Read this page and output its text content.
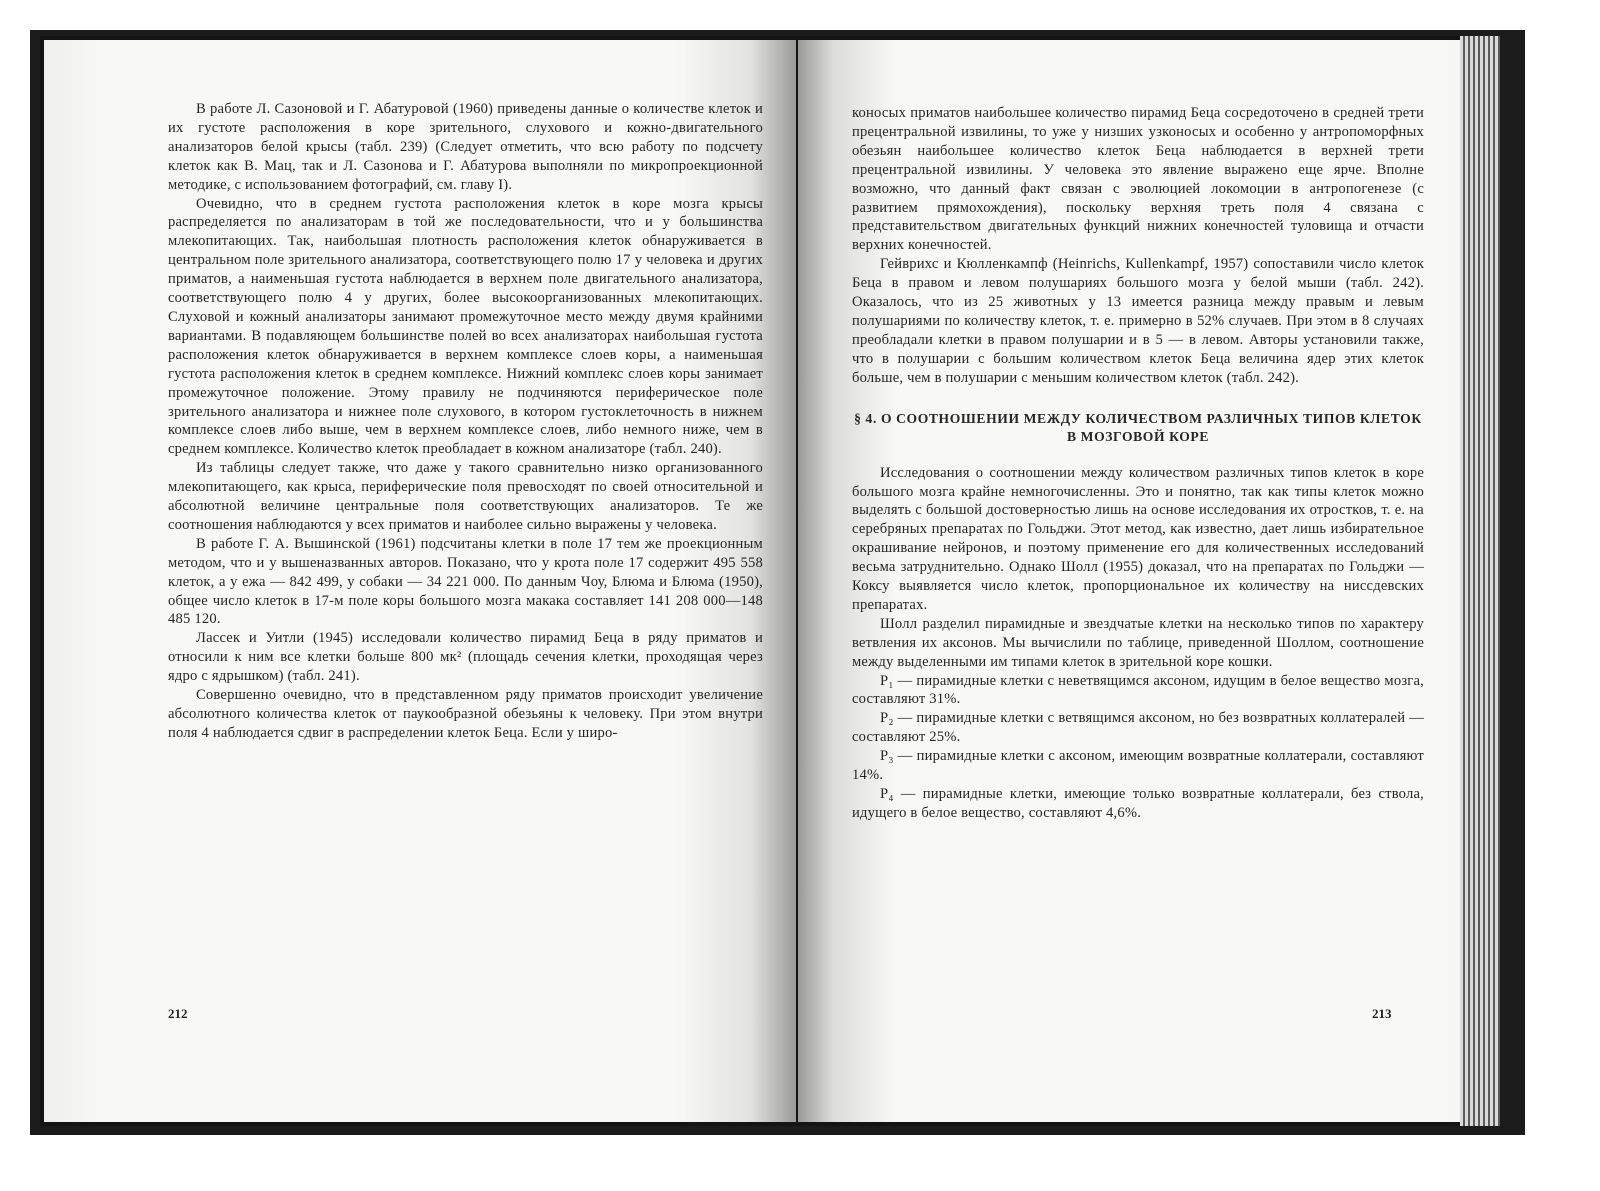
В работе Л. Сазоновой и Г. Абатуровой (1960) приведены данные о количестве клеток и их густоте расположения в коре зрительного, слухового и кожно-двигательного анализаторов белой крысы (табл. 239) (Следует отметить, что всю работу по подсчету клеток как В. Мац, так и Л. Сазонова и Г. Абатурова выполняли по микропроекционной методике, с использованием фотографий, см. главу I).

Очевидно, что в среднем густота расположения клеток в коре мозга крысы распределяется по анализаторам в той же последовательности, что и у большинства млекопитающих. Так, наибольшая плотность расположения клеток обнаруживается в центральном поле зрительного анализатора, соответствующего полю 17 у человека и других приматов, а наименьшая густота наблюдается в верхнем поле двигательного анализатора, соответствующего полю 4 у других, более высокоорганизованных млекопитающих. Слуховой и кожный анализаторы занимают промежуточное место между двумя крайними вариантами. В подавляющем большинстве полей во всех анализаторах наибольшая густота расположения клеток обнаруживается в верхнем комплексе слоев коры, а наименьшая густота расположения клеток в среднем комплексе. Нижний комплекс слоев коры занимает промежуточное положение. Этому правилу не подчиняются периферическое поле зрительного анализатора и нижнее поле слухового, в котором густоклеточность в нижнем комплексе слоев либо выше, чем в верхнем комплексе слоев, либо немного ниже, чем в среднем комплексе. Количество клеток преобладает в кожном анализаторе (табл. 240).

Из таблицы следует также, что даже у такого сравнительно низко организованного млекопитающего, как крыса, периферические поля превосходят по своей относительной и абсолютной величине центральные поля соответствующих анализаторов. Те же соотношения наблюдаются у всех приматов и наиболее сильно выражены у человека.

В работе Г. А. Вышинской (1961) подсчитаны клетки в поле 17 тем же проекционным методом, что и у вышеназванных авторов. Показано, что у крота поле 17 содержит 495 558 клеток, а у ежа — 842 499, у собаки — 34 221 000. По данным Чоу, Блюма и Блюма (1950), общее число клеток в 17-м поле коры большого мозга макака составляет 141 208 000—148 485 120.

Лассек и Уитли (1945) исследовали количество пирамид Беца в ряду приматов и относили к ним все клетки больше 800 мк² (площадь сечения клетки, проходящая через ядро с ядрышком) (табл. 241).

Совершенно очевидно, что в представленном ряду приматов происходит увеличение абсолютного количества клеток от паукообразной обезьяны к человеку. При этом внутри поля 4 наблюдается сдвиг в распределении клеток Беца. Если у широ-

212

коносых приматов наибольшее количество пирамид Беца сосредоточено в средней трети прецентральной извилины, то уже у низших узконосых и особенно у антропоморфных обезьян наибольшее количество клеток Беца наблюдается в верхней трети прецентральной извилины. У человека это явление выражено еще ярче. Вполне возможно, что данный факт связан с эволюцией локомоции в антропогенезе (с развитием прямохождения), поскольку верхняя треть поля 4 связана с представительством двигательных функций нижних конечностей туловища и отчасти верхних конечностей.

Гейврихс и Кюлленкампф (Heinrichs, Kullenkampf, 1957) сопоставили число клеток Беца в правом и левом полушариях большого мозга у белой мыши (табл. 242). Оказалось, что из 25 животных у 13 имеется разница между правым и левым полушариями по количеству клеток, т. е. примерно в 52% случаев. При этом в 8 случаях преобладали клетки в правом полушарии и в 5 — в левом. Авторы установили также, что в полушарии с большим количеством клеток Беца величина ядер этих клеток больше, чем в полушарии с меньшим количеством клеток (табл. 242).

§ 4. О СООТНОШЕНИИ МЕЖДУ КОЛИЧЕСТВОМ РАЗЛИЧНЫХ ТИПОВ КЛЕТОК В МОЗГОВОЙ КОРЕ

Исследования о соотношении между количеством различных типов клеток в коре большого мозга крайне немногочисленны. Это и понятно, так как типы клеток можно выделять с большой достоверностью лишь на основе исследования их отростков, т. е. на серебряных препаратах по Гольджи. Этот метод, как известно, дает лишь избирательное окрашивание нейронов, и поэтому применение его для количественных исследований весьма затруднительно. Однако Шолл (1955) доказал, что на препаратах по Гольджи — Коксу выявляется число клеток, пропорциональное их количеству на ниссдевских препаратах.

Шолл разделил пирамидные и звездчатые клетки на несколько типов по характеру ветвления их аксонов. Мы вычислили по таблице, приведенной Шоллом, соотношение между выделенными им типами клеток в зрительной коре кошки.

P₁ — пирамидные клетки с неветвящимся аксоном, идущим в белое вещество мозга, составляют 31%.

P₂ — пирамидные клетки с ветвящимся аксоном, но без возвратных коллатералей — составляют 25%.

P₃ — пирамидные клетки с аксоном, имеющим возвратные коллатерали, составляют 14%.

P₄ — пирамидные клетки, имеющие только возвратные коллатерали, без ствола, идущего в белое вещество, составляют 4,6%.

213
